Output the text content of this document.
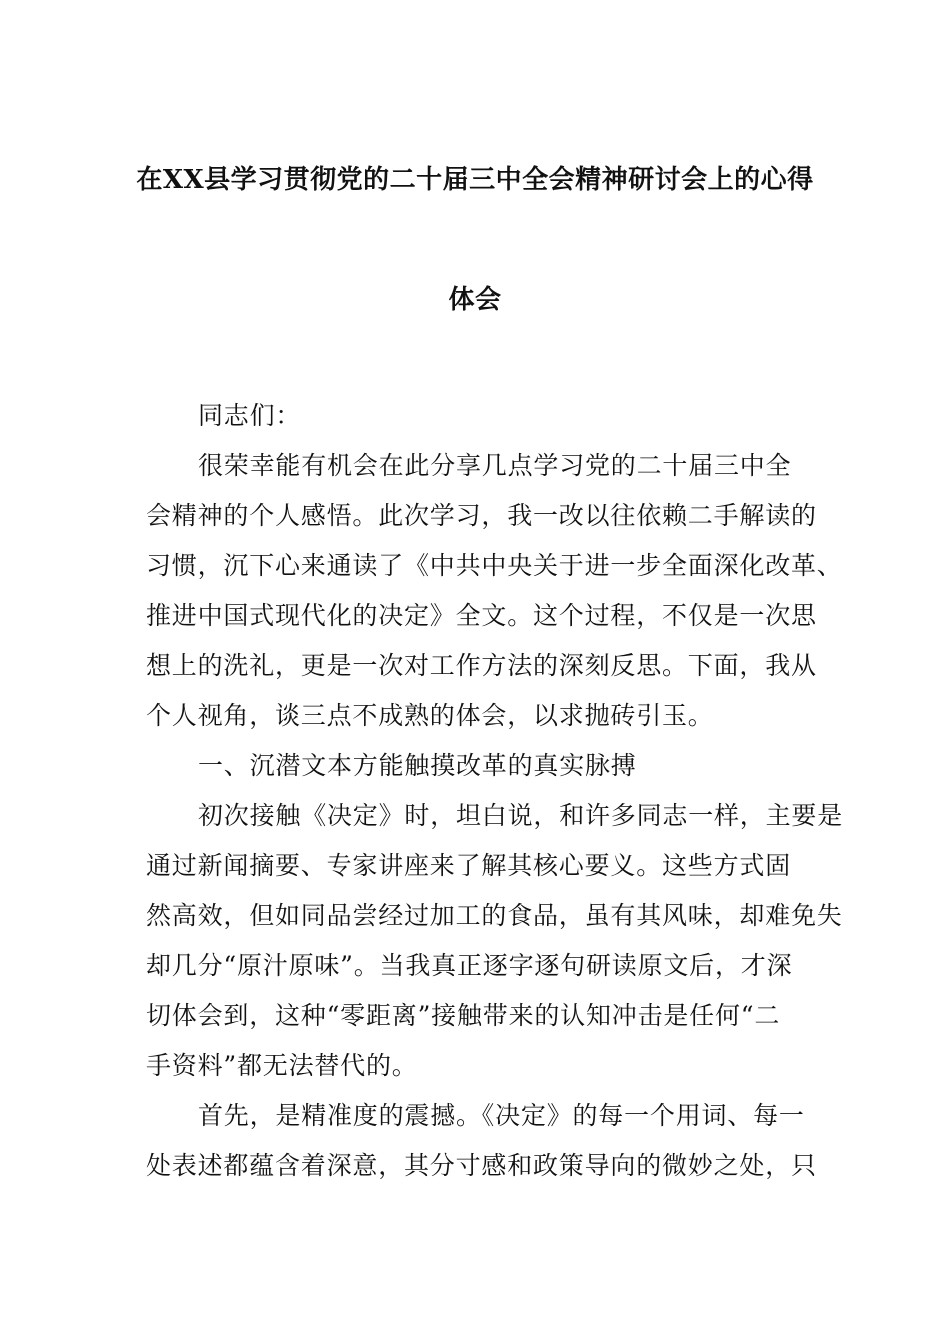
在XX县学习贯彻党的二十届三中全会精神研讨会上的心得
体会
同志们：
很荣幸能有机会在此分享几点学习党的二十届三中全
会精神的个人感悟。此次学习，我一改以往依赖二手解读的
习惯，沉下心来通读了《中共中央关于进一步全面深化改革、
推进中国式现代化的决定》全文。这个过程，不仅是一次思
想上的洗礼，更是一次对工作方法的深刻反思。下面，我从
个人视角，谈三点不成熟的体会，以求抛砖引玉。
一、沉潜文本方能触摸改革的真实脉搏
初次接触《决定》时，坦白说，和许多同志一样，主要是
通过新闻摘要、专家讲座来了解其核心要义。这些方式固
然高效，但如同品尝经过加工的食品，虽有其风味，却难免失
却几分“原汁原味”。当我真正逐字逐句研读原文后，才深
切体会到，这种“零距离”接触带来的认知冲击是任何“二
手资料”都无法替代的。
首先，是精准度的震撼。《决定》的每一个用词、每一
处表述都蕴含着深意，其分寸感和政策导向的微妙之处，只
